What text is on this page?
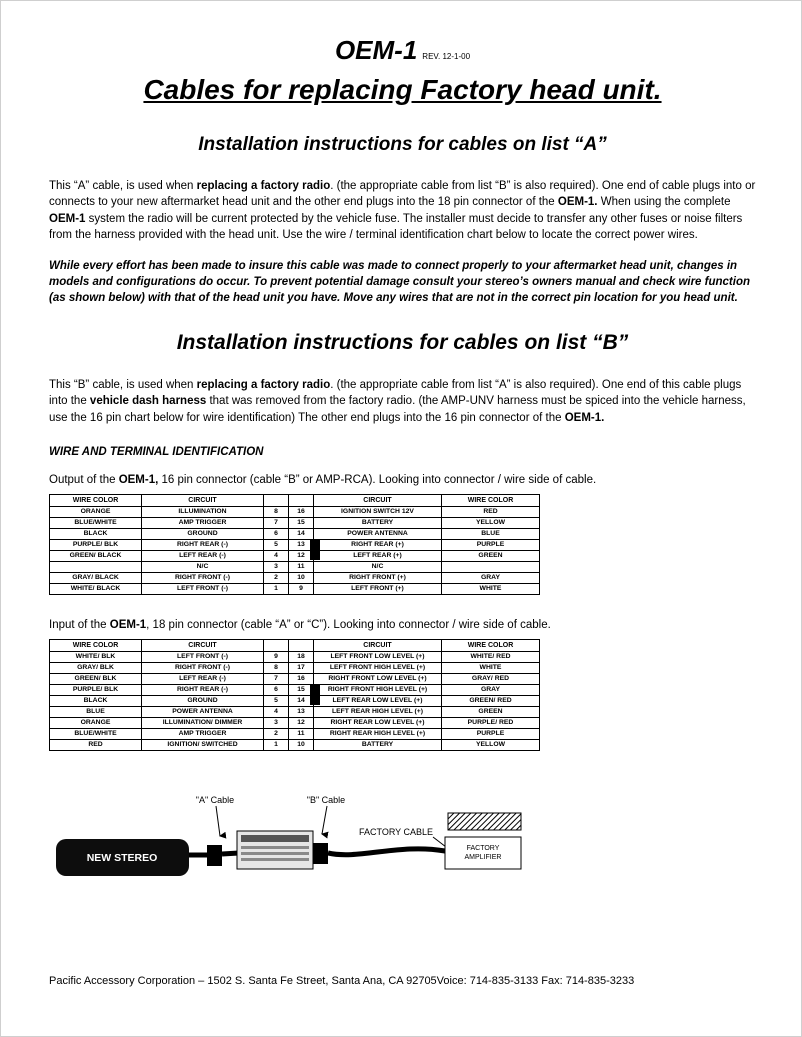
OEM-1 REV. 12-1-00
Cables for replacing Factory head unit.
Installation instructions for cables on list “A”

This “A” cable, is used when replacing a factory radio. (the appropriate cable from list “B” is also required). One end of cable plugs into or connects to your new aftermarket head unit and the other end plugs into the 18 pin connector of the OEM-1. When using the complete OEM-1 system the radio will be current protected by the vehicle fuse. The installer must decide to transfer any other fuses or noise filters from the harness provided with the head unit. Use the wire / terminal identification chart below to locate the correct power wires.

While every effort has been made to insure this cable was made to connect properly to your aftermarket head unit, changes in models and configurations do occur. To prevent potential damage consult your stereo’s owners manual and check wire function (as shown below) with that of the head unit you have. Move any wires that are not in the correct pin location for you head unit.

Installation instructions for cables on list “B”

This “B” cable, is used when replacing a factory radio. (the appropriate cable from list “A” is also required). One end of this cable plugs into the vehicle dash harness that was removed from the factory radio. (the AMP-UNV harness must be spiced into the vehicle harness, use the 16 pin chart below for wire identification) The other end plugs into the 16 pin connector of the OEM-1.

WIRE AND TERMINAL IDENTIFICATION

Output of the OEM-1, 16 pin connector (cable “B” or AMP-RCA). Looking into connector / wire side of cable.

WIRE COLOR	CIRCUIT			CIRCUIT	WIRE COLOR
ORANGE	ILLUMINATION	8	16	IGNITION SWITCH 12V	RED
BLUE/WHITE	AMP TRIGGER	7	15	BATTERY	YELLOW
BLACK	GROUND	6	14	POWER ANTENNA	BLUE
PURPLE/ BLK	RIGHT REAR (-)	5	13	RIGHT REAR (+)	PURPLE
GREEN/ BLACK	LEFT REAR (-)	4	12	LEFT REAR (+)	GREEN
	N/C	3	11	N/C	
GRAY/ BLACK	RIGHT FRONT (-)	2	10	RIGHT FRONT (+)	GRAY
WHITE/ BLACK	LEFT FRONT (-)	1	9	LEFT FRONT (+)	WHITE

Input of the OEM-1, 18 pin connector (cable “A” or “C”). Looking into connector / wire side of cable.

WIRE COLOR	CIRCUIT			CIRCUIT	WIRE COLOR
WHITE/ BLK	LEFT FRONT (-)	9	18	LEFT FRONT LOW LEVEL (+)	WHITE/ RED
GRAY/ BLK	RIGHT FRONT (-)	8	17	LEFT FRONT HIGH LEVEL (+)	WHITE
GREEN/ BLK	LEFT REAR (-)	7	16	RIGHT FRONT LOW LEVEL (+)	GRAY/ RED
PURPLE/ BLK	RIGHT REAR (-)	6	15	RIGHT FRONT HIGH LEVEL (+)	GRAY
BLACK	GROUND	5	14	LEFT REAR LOW LEVEL (+)	GREEN/ RED
BLUE	POWER ANTENNA	4	13	LEFT REAR HIGH LEVEL (+)	GREEN
ORANGE	ILLUMINATION/ DIMMER	3	12	RIGHT REAR LOW LEVEL (+)	PURPLE/ RED
BLUE/WHITE	AMP TRIGGER	2	11	RIGHT REAR HIGH LEVEL (+)	PURPLE
RED	IGNITION/ SWITCHED	1	10	BATTERY	YELLOW
"A" Cable	"B" Cable
NEW STEREO
FACTORY CABLE
FACTORY
AMPLIFIER
Pacific Accessory Corporation – 1502 S. Santa Fe Street, Santa Ana, CA 92705Voice: 714-835-3133 Fax: 714-835-3233
